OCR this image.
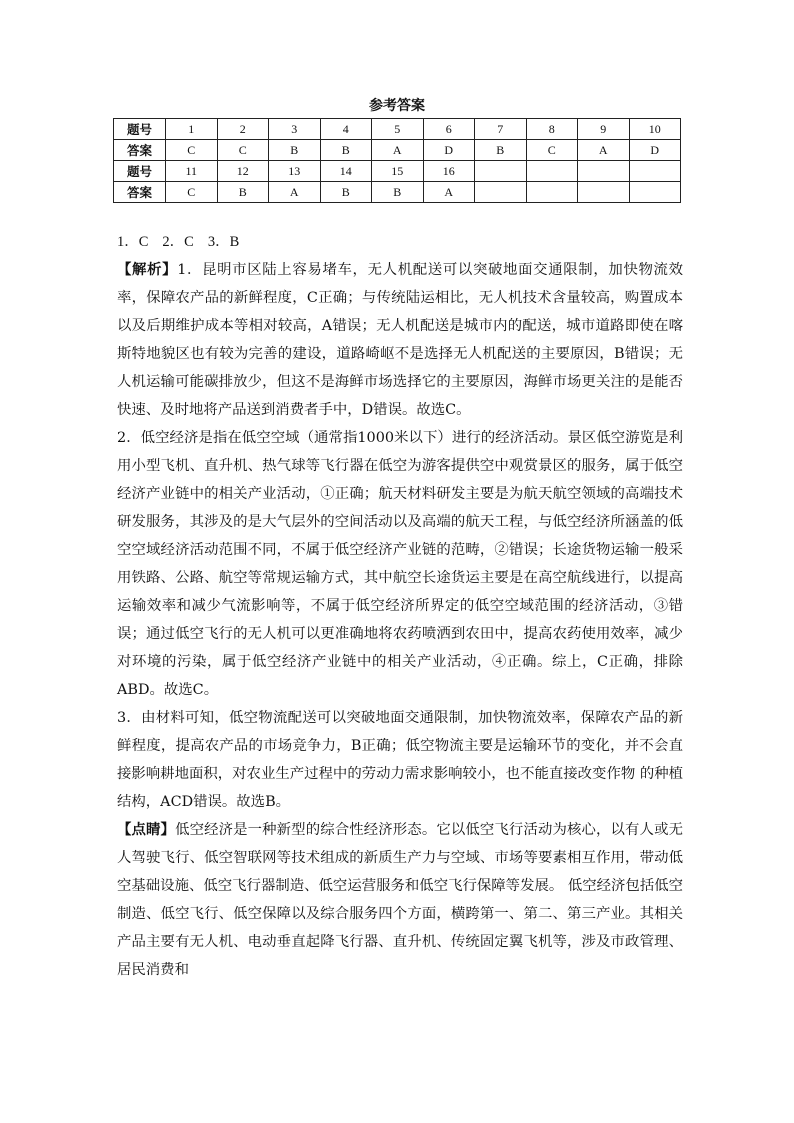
参考答案
题号	1	2	3	4	5	6	7	8	9	10
答案	C	C	B	B	A	D	B	C	A	D
题号	11	12	13	14	15	16				
答案	C	B	A	B	B	A				

1．C 2．C 3．B

【解析】1．昆明市区陆上容易堵车，无人机配送可以突破地面交通限制，加快物流效率，保障农产品的新鲜程度，C正确；与传统陆运相比，无人机技术含量较高，购置成本以及后期维护成本等相对较高，A错误；无人机配送是城市内的配送，城市道路即使在喀斯特地貌区也有较为完善的建设，道路崎岖不是选择无人机配送的主要原因，B错误；无人机运输可能碳排放少，但这不是海鲜市场选择它的主要原因，海鲜市场更关注的是能否快速、及时地将产品送到消费者手中，D错误。故选C。

2．低空经济是指在低空空域（通常指1000米以下）进行的经济活动。景区低空游览是利用小型飞机、直升机、热气球等飞行器在低空为游客提供空中观赏景区的服务，属于低空经济产业链中的相关产业活动，①正确；航天材料研发主要是为航天航空领域的高端技术研发服务，其涉及的是大气层外的空间活动以及高端的航天工程，与低空经济所涵盖的低空空域经济活动范围不同，不属于低空经济产业链的范畴，②错误；长途货物运输一般采用铁路、公路、航空等常规运输方式，其中航空长途货运主要是在高空航线进行，以提高运输效率和减少气流影响等，不属于低空经济所界定的低空空域范围的经济活动，③错误；通过低空飞行的无人机可以更准确地将农药喷洒到农田中，提高农药使用效率，减少对环境的污染，属于低空经济产业链中的相关产业活动，④正确。综上，C正确，排除ABD。故选C。

3．由材料可知，低空物流配送可以突破地面交通限制，加快物流效率，保障农产品的新鲜程度，提高农产品的市场竞争力，B正确；低空物流主要是运输环节的变化，并不会直接影响耕地面积，对农业生产过程中的劳动力需求影响较小，也不能直接改变作物 的种植结构，ACD错误。故选B。

【点睛】低空经济是一种新型的综合性经济形态。它以低空飞行活动为核心，以有人或无人驾驶飞行、低空智联网等技术组成的新质生产力与空域、市场等要素相互作用，带动低空基础设施、低空飞行器制造、低空运营服务和低空飞行保障等发展。 低空经济包括低空制造、低空飞行、低空保障以及综合服务四个方面，横跨第一、第二、第三产业。其相关产品主要有无人机、电动垂直起降飞行器、直升机、传统固定翼飞机等，涉及市政管理、居民消费和
